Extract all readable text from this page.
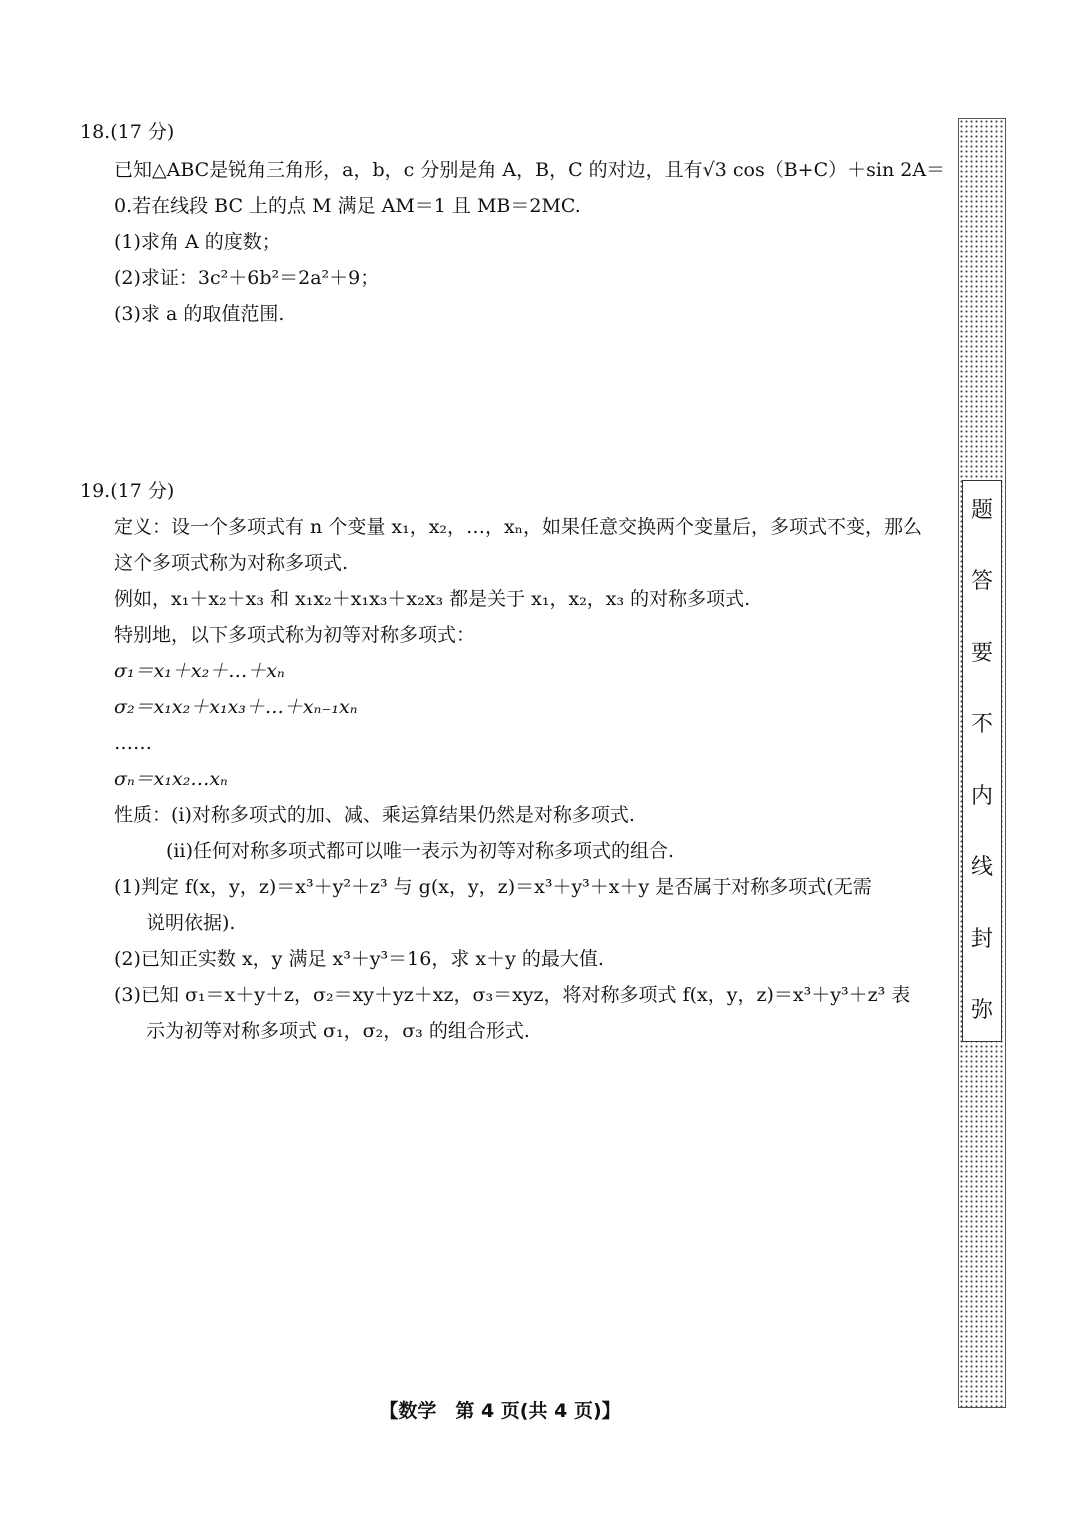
18.(17 分)

已知△ABC是锐角三角形，a，b，c 分别是角 A，B，C 的对边，且有√3 cos（B+C）＋sin 2A＝

0.若在线段 BC 上的点 M 满足 AM＝1 且 MB＝2MC.

(1)求角 A 的度数；

(2)求证：3c²＋6b²＝2a²＋9；

(3)求 a 的取值范围.

19.(17 分)

定义：设一个多项式有 n 个变量 x₁，x₂，…，xₙ，如果任意交换两个变量后，多项式不变，那么

这个多项式称为对称多项式.

例如，x₁＋x₂＋x₃ 和 x₁x₂＋x₁x₃＋x₂x₃ 都是关于 x₁，x₂，x₃ 的对称多项式.

特别地，以下多项式称为初等对称多项式：

σ₁＝x₁＋x₂＋…＋xₙ

σ₂＝x₁x₂＋x₁x₃＋…＋xₙ₋₁xₙ

……

σₙ＝x₁x₂…xₙ

性质：(ⅰ)对称多项式的加、减、乘运算结果仍然是对称多项式.

(ⅱ)任何对称多项式都可以唯一表示为初等对称多项式的组合.

(1)判定 f(x，y，z)＝x³＋y²＋z³ 与 g(x，y，z)＝x³＋y³＋x＋y 是否属于对称多项式(无需

说明依据).

(2)已知正实数 x，y 满足 x³＋y³＝16，求 x＋y 的最大值.

(3)已知 σ₁＝x＋y＋z，σ₂＝xy＋yz＋xz，σ₃＝xyz，将对称多项式 f(x，y，z)＝x³＋y³＋z³ 表

示为初等对称多项式 σ₁，σ₂，σ₃ 的组合形式.

【数学　第 4 页(共 4 页)】
题
答
要
不
内
线
封
弥
